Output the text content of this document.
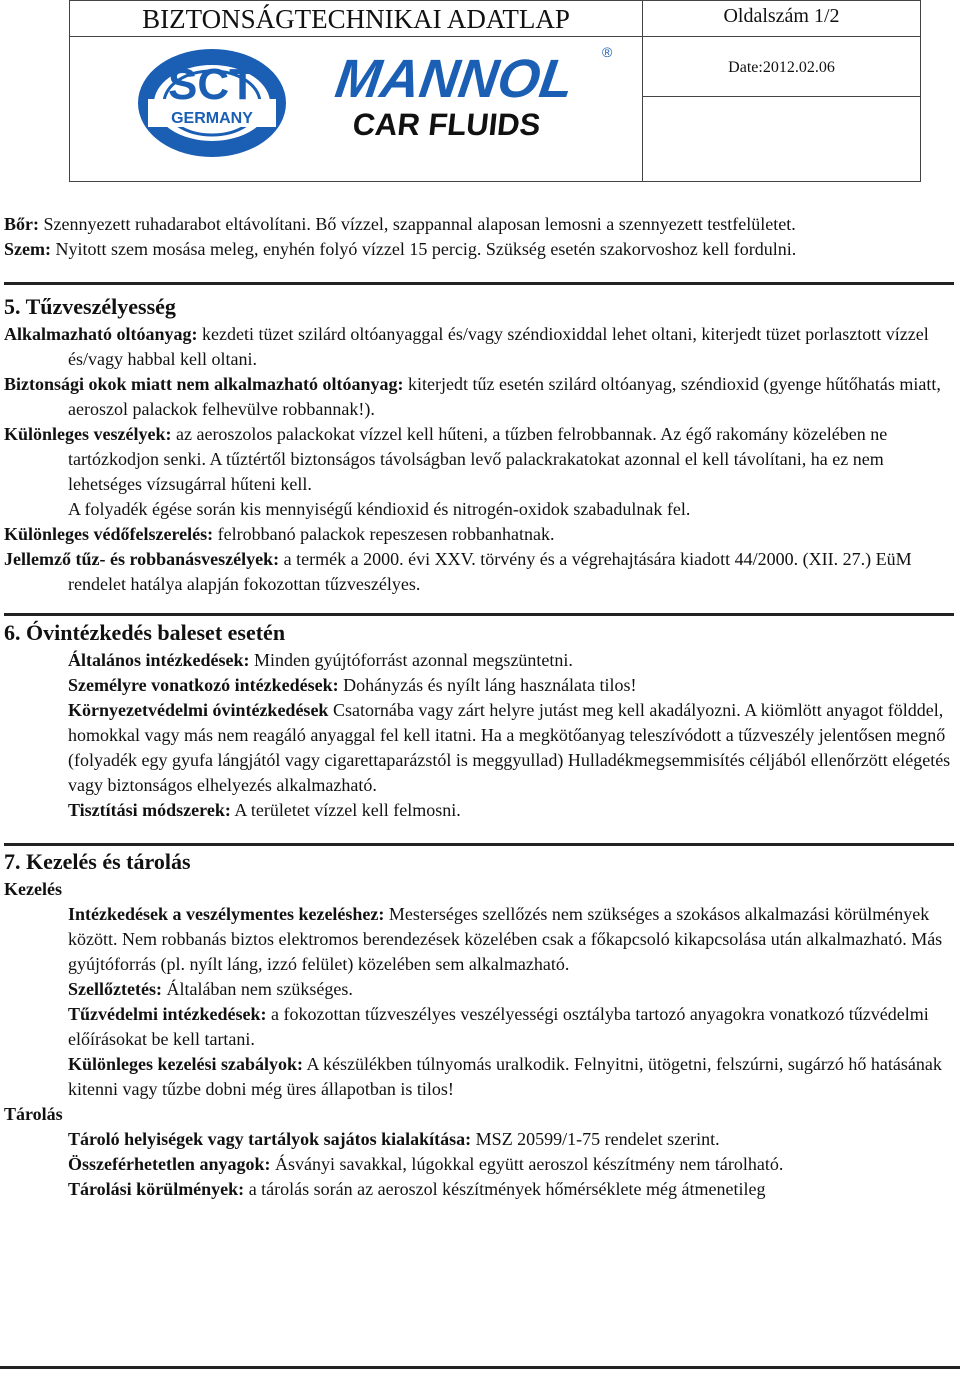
BIZTONSÁGTECHNIKAI ADATLAP	Oldalszám 1/2
SCT
GERMANY
MANNOL ®
CAR FLUIDS
Date:2012.02.06

Bőr: Szennyezett ruhadarabot eltávolítani. Bő vízzel, szappannal alaposan lemosni a szennyezett testfelületet.

Szem: Nyitott szem mosása meleg, enyhén folyó vízzel 15 percig. Szükség esetén szakorvoshoz kell fordulni.

5. Tűzveszélyesség

Alkalmazható oltóanyag: kezdeti tüzet szilárd oltóanyaggal és/vagy széndioxiddal lehet oltani, kiterjedt tüzet porlasztott vízzel és/vagy habbal kell oltani.

Biztonsági okok miatt nem alkalmazható oltóanyag: kiterjedt tűz esetén szilárd oltóanyag, széndioxid (gyenge hűtőhatás miatt, aeroszol palackok felhevülve robbannak!).

Különleges veszélyek: az aeroszolos palackokat vízzel kell hűteni, a tűzben felrobbannak. Az égő rakomány közelében ne tartózkodjon senki. A tűztértől biztonságos távolságban levő palackrakatokat azonnal el kell távolítani, ha ez nem lehetséges vízsugárral hűteni kell.

A folyadék égése során kis mennyiségű kéndioxid és nitrogén-oxidok szabadulnak fel.

Különleges védőfelszerelés: felrobbanó palackok repeszesen robbanhatnak.

Jellemző tűz- és robbanásveszélyek: a termék a 2000. évi XXV. törvény és a végrehajtására kiadott 44/2000. (XII. 27.) EüM rendelet hatálya alapján fokozottan tűzveszélyes.

6. Óvintézkedés baleset esetén

Általános intézkedések: Minden gyújtóforrást azonnal megszüntetni.

Személyre vonatkozó intézkedések: Dohányzás és nyílt láng használata tilos!

Környezetvédelmi óvintézkedések Csatornába vagy zárt helyre jutást meg kell akadályozni. A kiömlött anyagot földdel, homokkal vagy más nem reagáló anyaggal fel kell itatni. Ha a megkötőanyag teleszívódott a tűzveszély jelentősen megnő (folyadék egy gyufa lángjától vagy cigarettaparázstól is meggyullad) Hulladékmegsemmisítés céljából ellenőrzött elégetés vagy biztonságos elhelyezés alkalmazható.

Tisztítási módszerek: A területet vízzel kell felmosni.

7. Kezelés és tárolás

Kezelés

Intézkedések a veszélymentes kezeléshez: Mesterséges szellőzés nem szükséges a szokásos alkalmazási körülmények között. Nem robbanás biztos elektromos berendezések közelében csak a főkapcsoló kikapcsolása után alkalmazható. Más gyújtóforrás (pl. nyílt láng, izzó felület) közelében sem alkalmazható.

Szellőztetés: Általában nem szükséges.

Tűzvédelmi intézkedések: a fokozottan tűzveszélyes veszélyességi osztályba tartozó anyagokra vonatkozó tűzvédelmi előírásokat be kell tartani.

Különleges kezelési szabályok: A készülékben túlnyomás uralkodik. Felnyitni, ütögetni, felszúrni, sugárzó hő hatásának kitenni vagy tűzbe dobni még üres állapotban is tilos!

Tárolás

Tároló helyiségek vagy tartályok sajátos kialakítása: MSZ 20599/1-75 rendelet szerint.

Összeférhetetlen anyagok: Ásványi savakkal, lúgokkal együtt aeroszol készítmény nem tárolható.

Tárolási körülmények: a tárolás során az aeroszol készítmények hőmérséklete még átmenetileg
